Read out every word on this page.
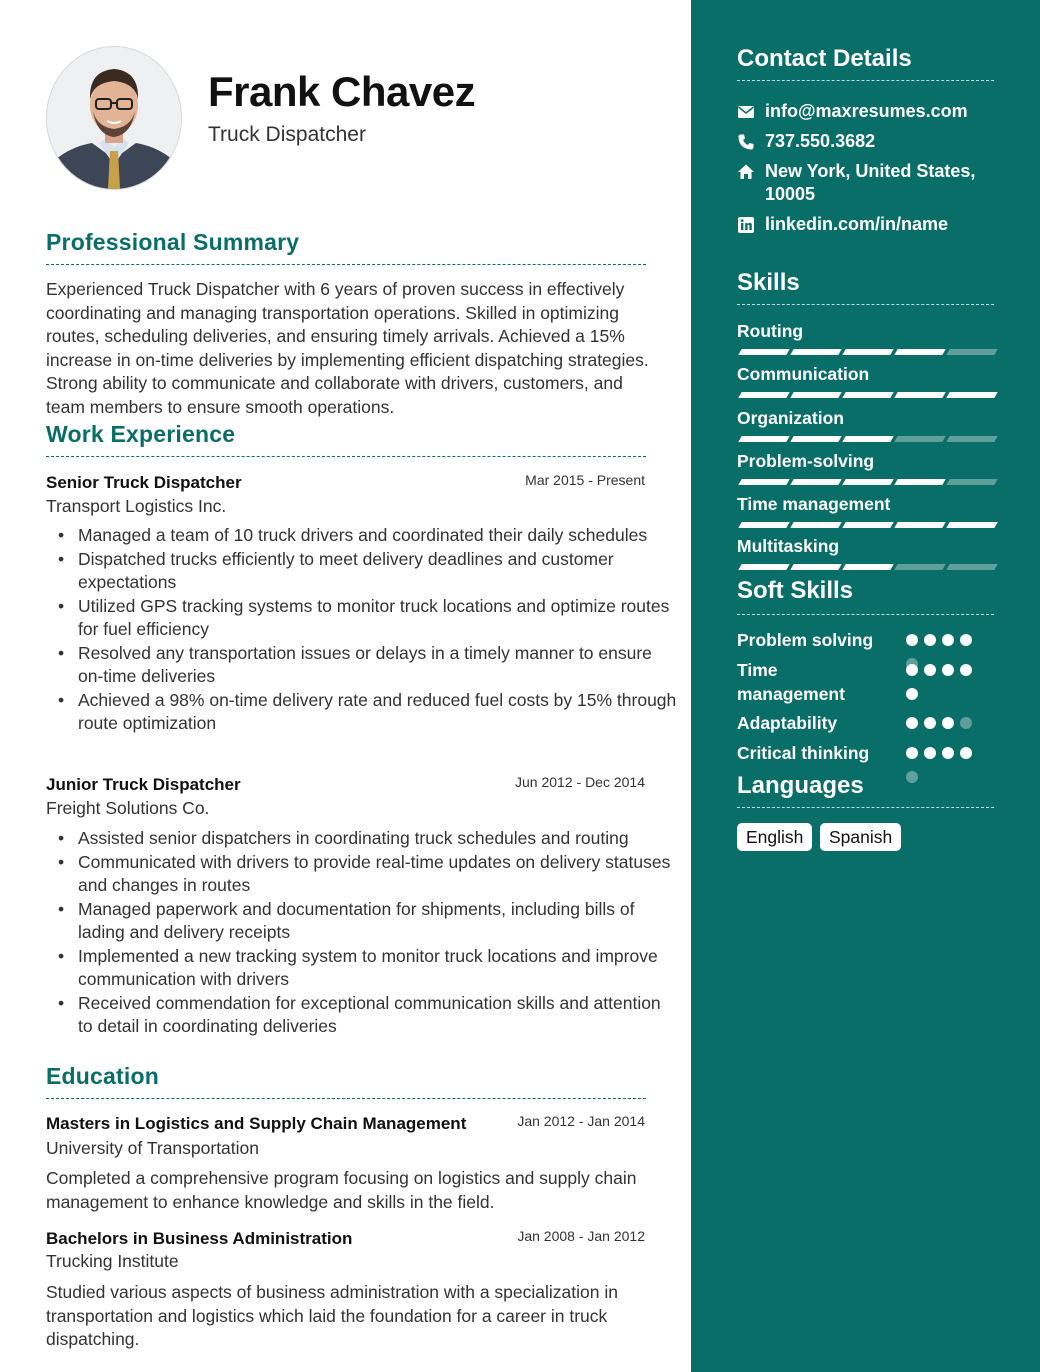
Frank Chavez
Truck Dispatcher
Professional Summary
Experienced Truck Dispatcher with 6 years of proven success in effectively coordinating and managing transportation operations. Skilled in optimizing routes, scheduling deliveries, and ensuring timely arrivals. Achieved a 15% increase in on-time deliveries by implementing efficient dispatching strategies. Strong ability to communicate and collaborate with drivers, customers, and team members to ensure smooth operations.
Work Experience
Senior Truck Dispatcher	Mar 2015 - Present
Transport Logistics Inc.
• Managed a team of 10 truck drivers and coordinated their daily schedules
• Dispatched trucks efficiently to meet delivery deadlines and customer expectations
• Utilized GPS tracking systems to monitor truck locations and optimize routes for fuel efficiency
• Resolved any transportation issues or delays in a timely manner to ensure on-time deliveries
• Achieved a 98% on-time delivery rate and reduced fuel costs by 15% through route optimization
Junior Truck Dispatcher	Jun 2012 - Dec 2014
Freight Solutions Co.
• Assisted senior dispatchers in coordinating truck schedules and routing
• Communicated with drivers to provide real-time updates on delivery statuses and changes in routes
• Managed paperwork and documentation for shipments, including bills of lading and delivery receipts
• Implemented a new tracking system to monitor truck locations and improve communication with drivers
• Received commendation for exceptional communication skills and attention to detail in coordinating deliveries
Education
Masters in Logistics and Supply Chain Management	Jan 2012 - Jan 2014
University of Transportation
Completed a comprehensive program focusing on logistics and supply chain management to enhance knowledge and skills in the field.
Bachelors in Business Administration	Jan 2008 - Jan 2012
Trucking Institute
Studied various aspects of business administration with a specialization in transportation and logistics which laid the foundation for a career in truck dispatching.
Contact Details
info@maxresumes.com
737.550.3682
New York, United States, 10005
linkedin.com/in/name
Skills
Routing
Communication
Organization
Problem-solving
Time management
Multitasking
Soft Skills
Problem solving
Time management
Adaptability
Critical thinking
Languages
English	Spanish
